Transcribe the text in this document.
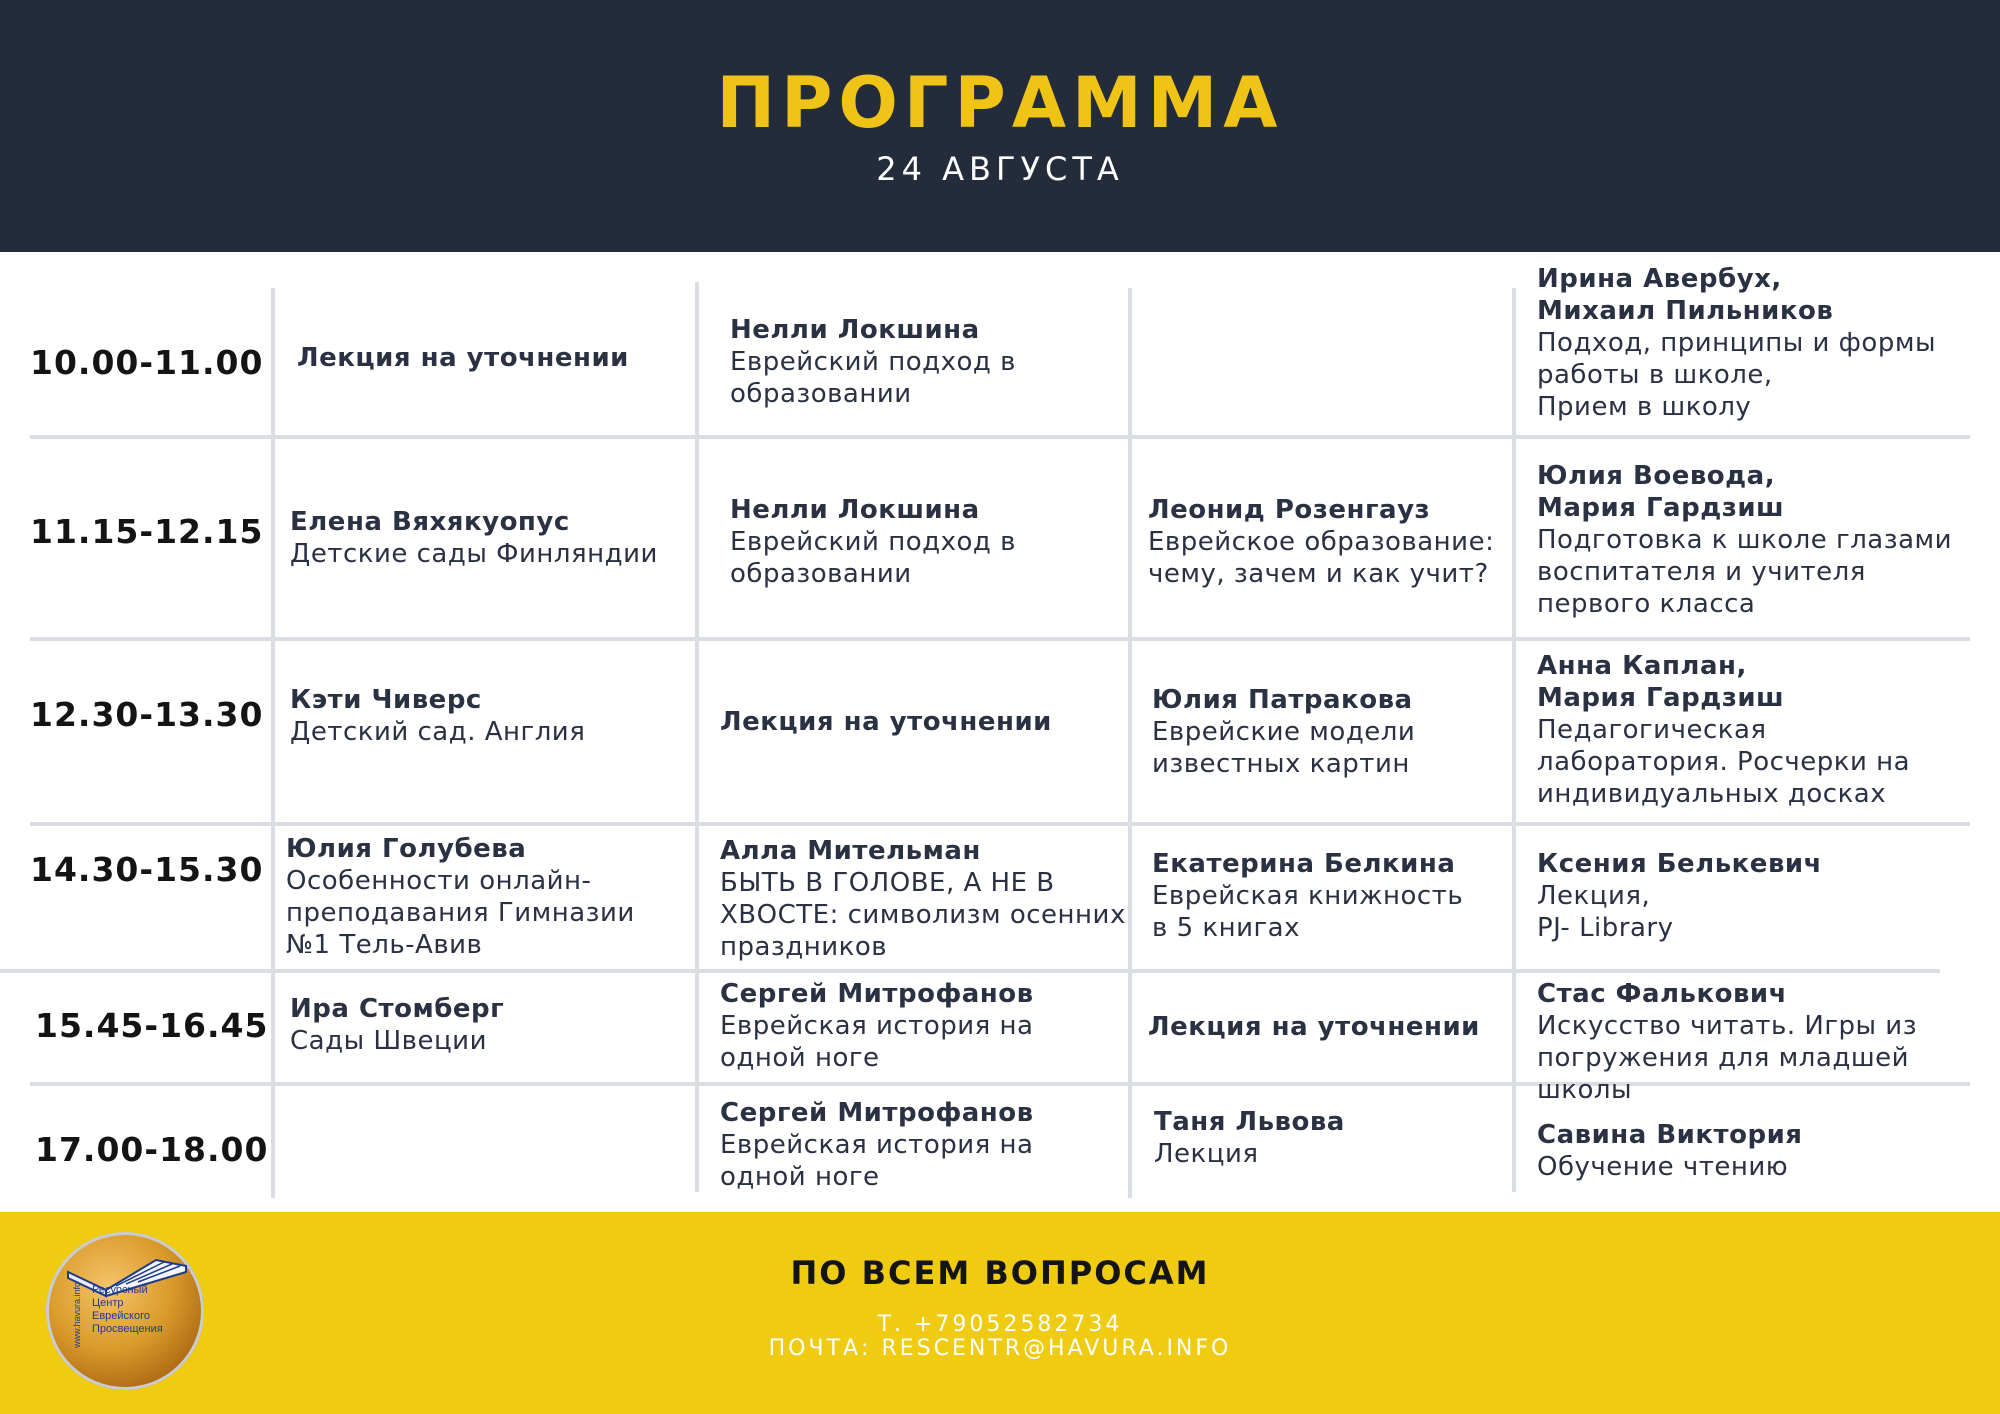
ПРОГРАММА
24 АВГУСТА
10.00-11.00 Лекция на уточнении
Нелли Локшина
Еврейский подход в
образовании
Ирина Авербух,
Михаил Пильников
Подход, принципы и формы
работы в школе,
Прием в школу
11.15-12.15 Елена Вяхякуопус
Детские сады Финляндии
Нелли Локшина
Еврейский подход в
образовании
Леонид Розенгауз
Еврейское образование:
чему, зачем и как учит?
Юлия Воевода,
Мария Гардзиш
Подготовка к школе глазами
воспитателя и учителя
первого класса
12.30-13.30 Кэти Чиверс
Детский сад. Англия	Лекция на уточнении
Юлия Патракова
Еврейские модели
известных картин
Анна Каплан,
Мария Гардзиш
Педагогическая
лаборатория. Росчерки на
индивидуальных досках
14.30-15.30
Юлия Голубева
Особенности онлайн-
преподавания Гимназии
№1 Тель-Авив
Алла Мительман
БЫТЬ В ГОЛОВЕ, А НЕ В
ХВОСТЕ: символизм осенних
праздников
Екатерина Белкина
Еврейская книжность
в 5 книгах
Ксения Белькевич
Лекция,
PJ- Library
15.45-16.45 Ира Стомберг
Сады Швеции
Сергей Митрофанов
Еврейская история на
одной ноге
Лекция на уточнении
Стас Фалькович
Искусство читать. Игры из
погружения для младшей школы
17.00-18.00
Сергей Митрофанов
Еврейская история на
одной ноге
Таня Львова
Лекция
Савина Виктория
Обучение чтению
ПО ВСЕМ ВОПРОСАМ
Т. +79052582734
ПОЧТА: RESCENTR@HAVURA.INFO
Ресурсный
Центр
Еврейского
Просвещения
www.havura.info
